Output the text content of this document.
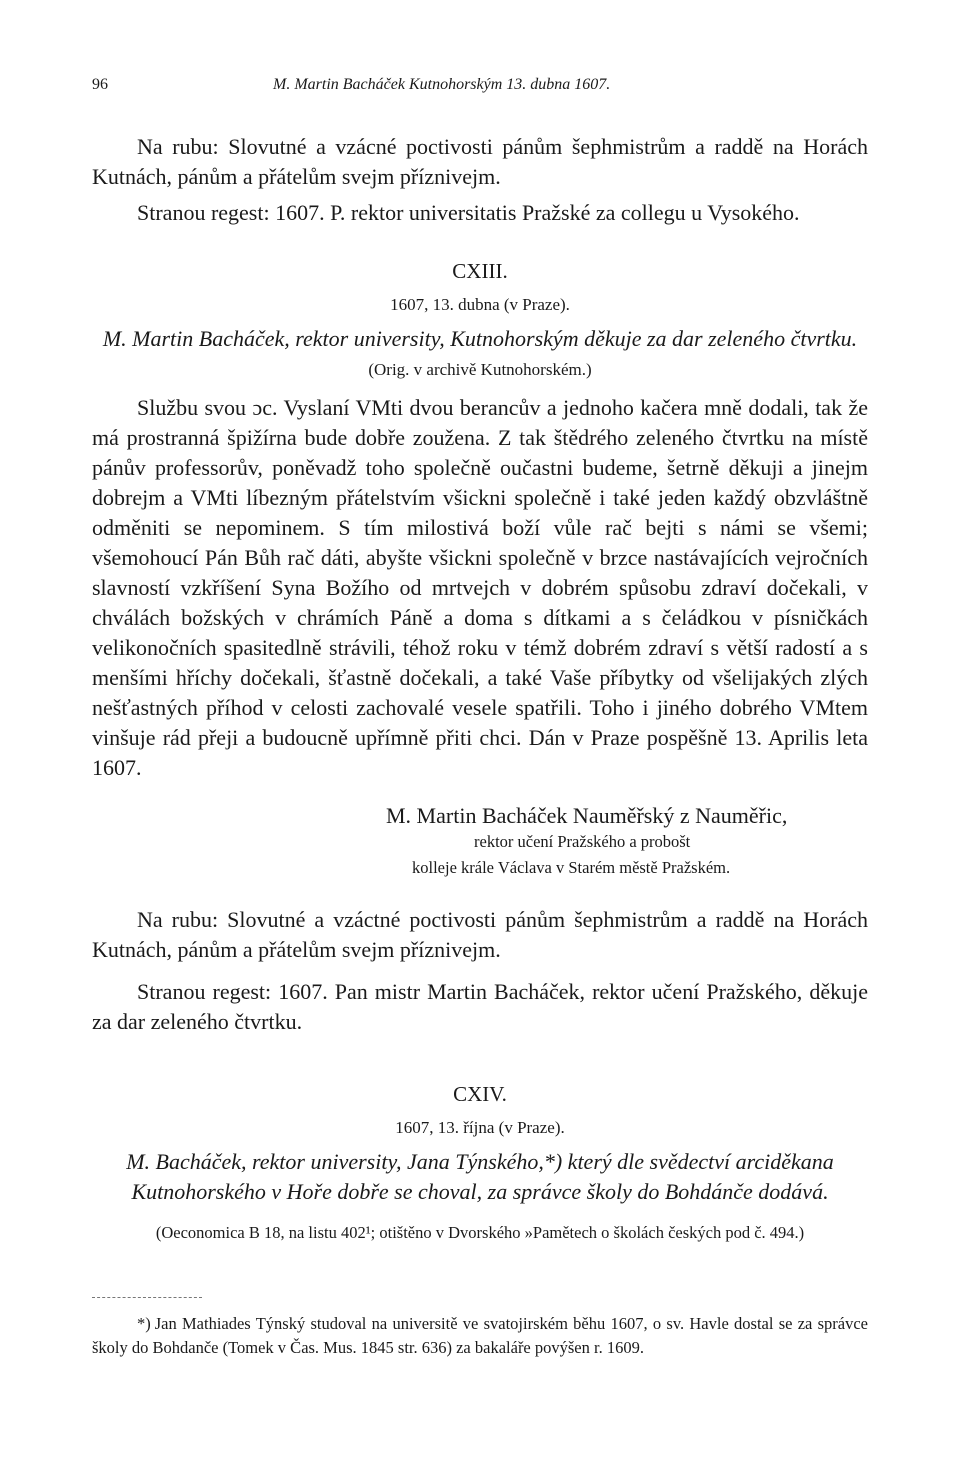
96	M. Martin Bacháček Kutnohorským 13. dubna 1607.

Na rubu: Slovutné a vzácné poctivosti pánům šephmistrům a raddě na Horách Kutnách, pánům a přátelům svejm příznivejm.

Stranou regest: 1607. P. rektor universitatis Pražské za collegu u Vysokého.

CXIII.
1607, 13. dubna (v Praze).

M. Martin Bacháček, rektor university, Kutnohorským děkuje za dar zeleného čtvrtku.

(Orig. v archivě Kutnohorském.)

Službu svou ɔc. Vyslaní VMti dvou berancův a jednoho kačera mně dodali, tak že má prostranná špižírna bude dobře zoužena. Z tak štědrého zeleného čtvrtku na místě pánův professorův, poněvadž toho společně oučastni budeme, šetrně děkuji a jinejm dobrejm a VMti líbezným přátelstvím všickni společně i také jeden každý obzvláštně odměniti se nepominem. S tím milostivá boží vůle rač bejti s námi se všemi; všemohoucí Pán Bůh rač dáti, abyšte všickni společně v brzce nastávajících vejročních slavností vzkříšení Syna Božího od mrtvejch v dobrém spůsobu zdraví dočekali, v chválách božských v chrámích Páně a doma s dítkami a s čeládkou v písničkách velikonočních spasitedlně strávili, téhož roku v témž dobrém zdraví s větší radostí a s menšími hříchy dočekali, šťastně dočekali, a také Vaše příbytky od všelijakých zlých nešťastných příhod v celosti zachovalé vesele spatřili. Toho i jiného dobrého VMtem vinšuje rád přeji a budoucně upřímně přiti chci. Dán v Praze pospěšně 13. Aprilis leta 1607.

M. Martin Bacháček Nauměřský z Nauměřic,
rektor učení Pražského a probošt
kolleje krále Václava v Starém městě Pražském.

Na rubu: Slovutné a vzáctné poctivosti pánům šephmistrům a raddě na Horách Kutnách, pánům a přátelům svejm příznivejm.

Stranou regest: 1607. Pan mistr Martin Bacháček, rektor učení Pražského, děkuje za dar zeleného čtvrtku.

CXIV.
1607, 13. října (v Praze).

M. Bacháček, rektor university, Jana Týnského,*) který dle svědectví arciděkana Kutnohorského v Hoře dobře se choval, za správce školy do Bohdánče dodává.

(Oeconomica B 18, na listu 402¹; otištěno v Dvorského »Pamětech o školách českých pod č. 494.)

*) Jan Mathiades Týnský studoval na universitě ve svatojirském běhu 1607, o sv. Havle dostal se za správce školy do Bohdanče (Tomek v Čas. Mus. 1845 str. 636) za bakaláře povýšen r. 1609.
